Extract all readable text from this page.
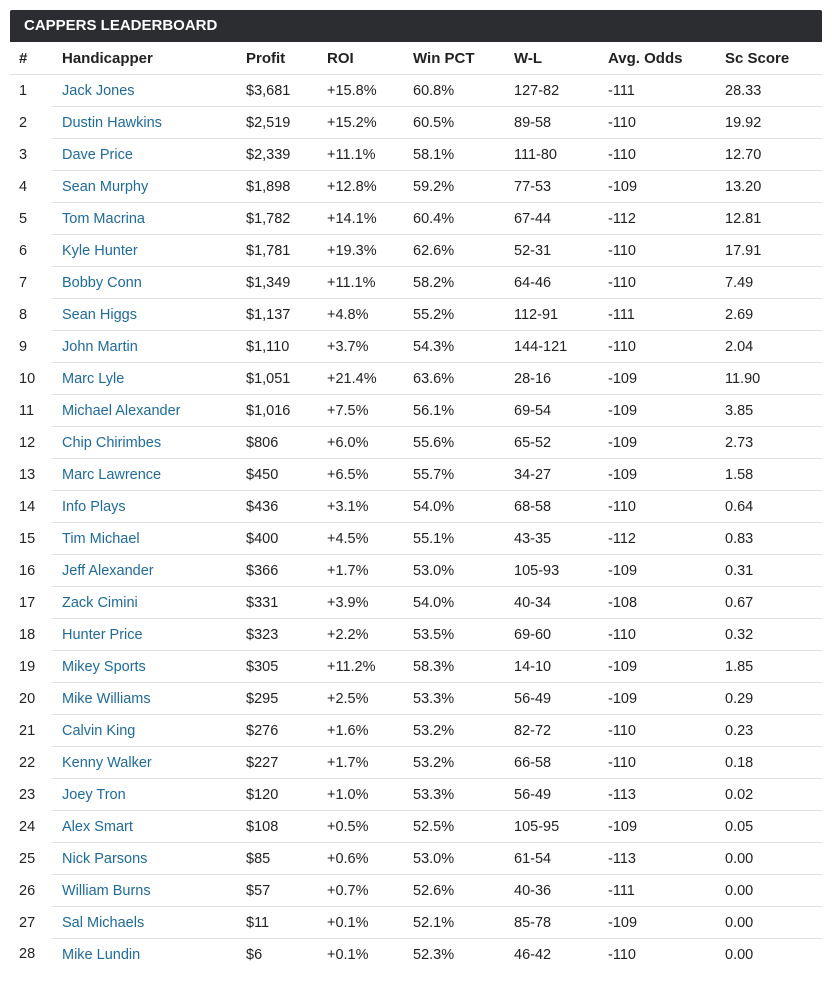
CAPPERS LEADERBOARD
#	Handicapper	Profit	ROI	Win PCT	W-L	Avg. Odds	Sc Score
1	Jack Jones	$3,681	+15.8%	60.8%	127-82	-111	28.33
2	Dustin Hawkins	$2,519	+15.2%	60.5%	89-58	-110	19.92
3	Dave Price	$2,339	+11.1%	58.1%	111-80	-110	12.70
4	Sean Murphy	$1,898	+12.8%	59.2%	77-53	-109	13.20
5	Tom Macrina	$1,782	+14.1%	60.4%	67-44	-112	12.81
6	Kyle Hunter	$1,781	+19.3%	62.6%	52-31	-110	17.91
7	Bobby Conn	$1,349	+11.1%	58.2%	64-46	-110	7.49
8	Sean Higgs	$1,137	+4.8%	55.2%	112-91	-111	2.69
9	John Martin	$1,110	+3.7%	54.3%	144-121	-110	2.04
10	Marc Lyle	$1,051	+21.4%	63.6%	28-16	-109	11.90
11	Michael Alexander	$1,016	+7.5%	56.1%	69-54	-109	3.85
12	Chip Chirimbes	$806	+6.0%	55.6%	65-52	-109	2.73
13	Marc Lawrence	$450	+6.5%	55.7%	34-27	-109	1.58
14	Info Plays	$436	+3.1%	54.0%	68-58	-110	0.64
15	Tim Michael	$400	+4.5%	55.1%	43-35	-112	0.83
16	Jeff Alexander	$366	+1.7%	53.0%	105-93	-109	0.31
17	Zack Cimini	$331	+3.9%	54.0%	40-34	-108	0.67
18	Hunter Price	$323	+2.2%	53.5%	69-60	-110	0.32
19	Mikey Sports	$305	+11.2%	58.3%	14-10	-109	1.85
20	Mike Williams	$295	+2.5%	53.3%	56-49	-109	0.29
21	Calvin King	$276	+1.6%	53.2%	82-72	-110	0.23
22	Kenny Walker	$227	+1.7%	53.2%	66-58	-110	0.18
23	Joey Tron	$120	+1.0%	53.3%	56-49	-113	0.02
24	Alex Smart	$108	+0.5%	52.5%	105-95	-109	0.05
25	Nick Parsons	$85	+0.6%	53.0%	61-54	-113	0.00
26	William Burns	$57	+0.7%	52.6%	40-36	-111	0.00
27	Sal Michaels	$11	+0.1%	52.1%	85-78	-109	0.00
28	Mike Lundin	$6	+0.1%	52.3%	46-42	-110	0.00
